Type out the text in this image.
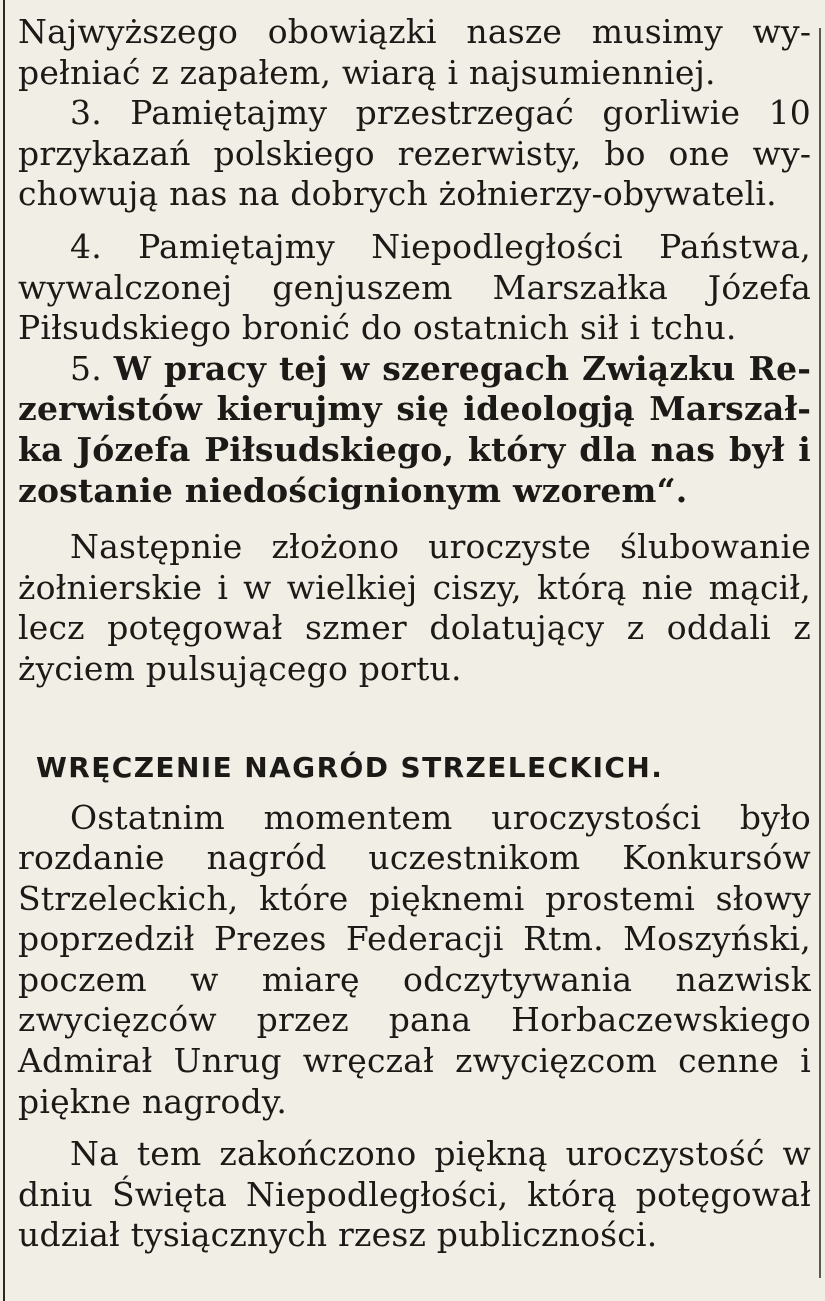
Najwyższego obowiązki nasze musimy wypełniać z zapałem, wiarą i najsumienniej.

3. Pamiętajmy przestrzegać gorliwie 10 przykazań polskiego rezerwisty, bo one wychowują nas na dobrych żołnierzy-obywateli.

4. Pamiętajmy Niepodległości Państwa, wywalczonej genjuszem Marszałka Józefa Piłsudskiego bronić do ostatnich sił i tchu.

5. W pracy tej w szeregach Związku Rezerwistów kierujmy się ideologją Marszałka Józefa Piłsudskiego, który dla nas był i zostanie niedoścignionym wzorem“.

Następnie złożono uroczyste ślubowanie żołnierskie i w wielkiej ciszy, którą nie mącił, lecz potęgował szmer dolatujący z oddali z życiem pulsującego portu.

WRĘCZENIE NAGRÓD STRZELECKICH.

Ostatnim momentem uroczystości było rozdanie nagród uczestnikom Konkursów Strzeleckich, które pięknemi prostemi słowy poprzedził Prezes Federacji Rtm. Moszyński, poczem w miarę odczytywania nazwisk zwycięzców przez pana Horbaczewskiego Admirał Unrug wręczał zwycięzcom cenne i piękne nagrody.

Na tem zakończono piękną uroczystość w dniu Święta Niepodległości, którą potęgował udział tysiącznych rzesz publiczności.
